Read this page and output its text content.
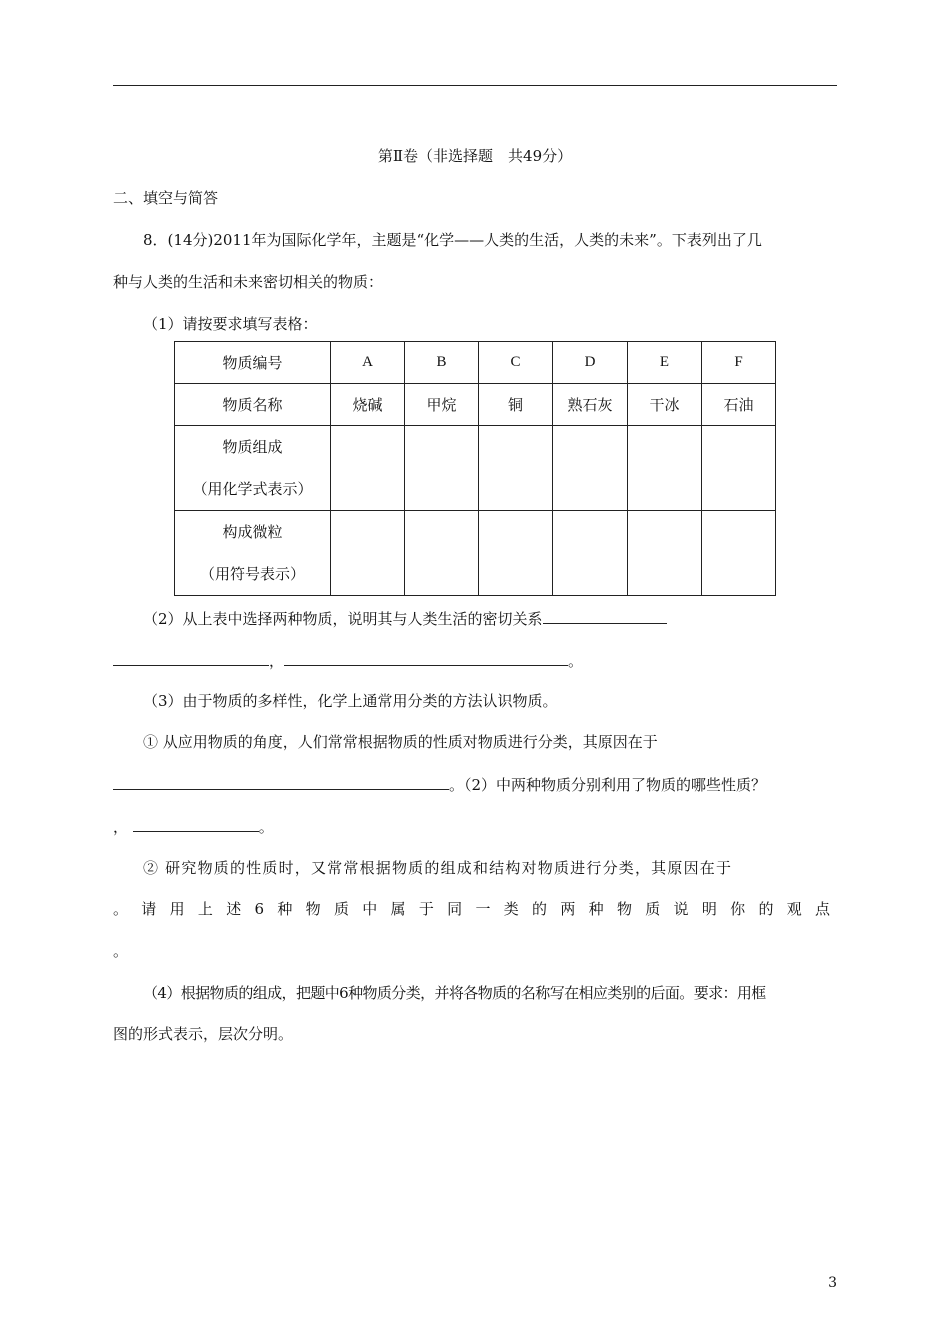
第Ⅱ卷（非选择题　共49分）
二、填空与简答
8．(14分)2011年为国际化学年，主题是“化学——人类的生活，人类的未来”。下表列出了几
种与人类的生活和未来密切相关的物质：
（1）请按要求填写表格：
物质编号	A	B	C	D	E	F
物质名称	烧碱	甲烷	铜	熟石灰	干冰	石油

物质组成
（用化学式表示）						

构成微粒
（用符号表示）						

（2）从上表中选择两种物质，说明其与人类生活的密切关系
，	。
（3）由于物质的多样性，化学上通常用分类的方法认识物质。
① 从应用物质的角度，人们常常根据物质的性质对物质进行分类，其原因在于
。（2）中两种物质分别利用了物质的哪些性质？
，	。
② 研究物质的性质时，又常常根据物质的组成和结构对物质进行分类，其原因在于
。请用上述6种物质中属于同一类的两种物质说明你的观点
。
（4）根据物质的组成，把题中6种物质分类，并将各物质的名称写在相应类别的后面。要求：用框
图的形式表示，层次分明。
3
